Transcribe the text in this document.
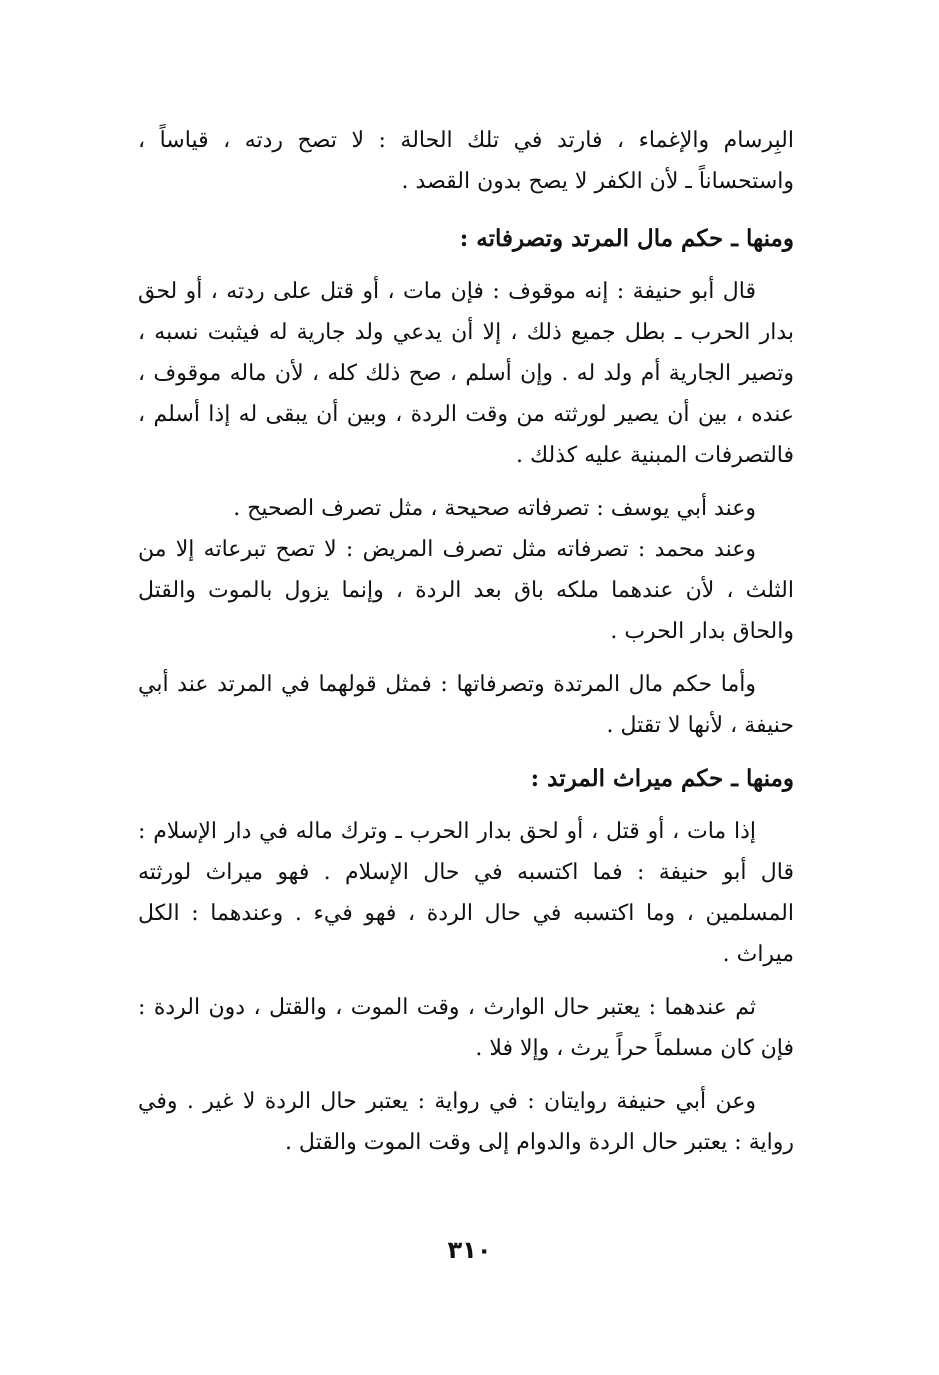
البِرسام والإغماء ، فارتد في تلك الحالة : لا تصح ردته ، قياساً ، واستحساناً ـ لأن الكفر لا يصح بدون القصد .

ومنها ـ حكم مال المرتد وتصرفاته :

قال أبو حنيفة : إنه موقوف : فإن مات ، أو قتل على ردته ، أو لحق بدار الحرب ـ بطل جميع ذلك ، إلا أن يدعي ولد جارية له فيثبت نسبه ، وتصير الجارية أم ولد له . وإن أسلم ، صح ذلك كله ، لأن ماله موقوف ، عنده ، بين أن يصير لورثته من وقت الردة ، وبين أن يبقى له إذا أسلم ، فالتصرفات المبنية عليه كذلك .

وعند أبي يوسف : تصرفاته صحيحة ، مثل تصرف الصحيح .

وعند محمد : تصرفاته مثل تصرف المريض : لا تصح تبرعاته إلا من الثلث ، لأن عندهما ملكه باق بعد الردة ، وإنما يزول بالموت والقتل والحاق بدار الحرب .

وأما حكم مال المرتدة وتصرفاتها : فمثل قولهما في المرتد عند أبي حنيفة ، لأنها لا تقتل .

ومنها ـ حكم ميراث المرتد :

إذا مات ، أو قتل ، أو لحق بدار الحرب ـ وترك ماله في دار الإسلام : قال أبو حنيفة : فما اكتسبه في حال الإسلام . فهو ميراث لورثته المسلمين ، وما اكتسبه في حال الردة ، فهو فيء . وعندهما : الكل ميراث .

ثم عندهما : يعتبر حال الوارث ، وقت الموت ، والقتل ، دون الردة : فإن كان مسلماً حراً يرث ، وإلا فلا .

وعن أبي حنيفة روايتان : في رواية : يعتبر حال الردة لا غير . وفي رواية : يعتبر حال الردة والدوام إلى وقت الموت والقتل .

٣١٠
